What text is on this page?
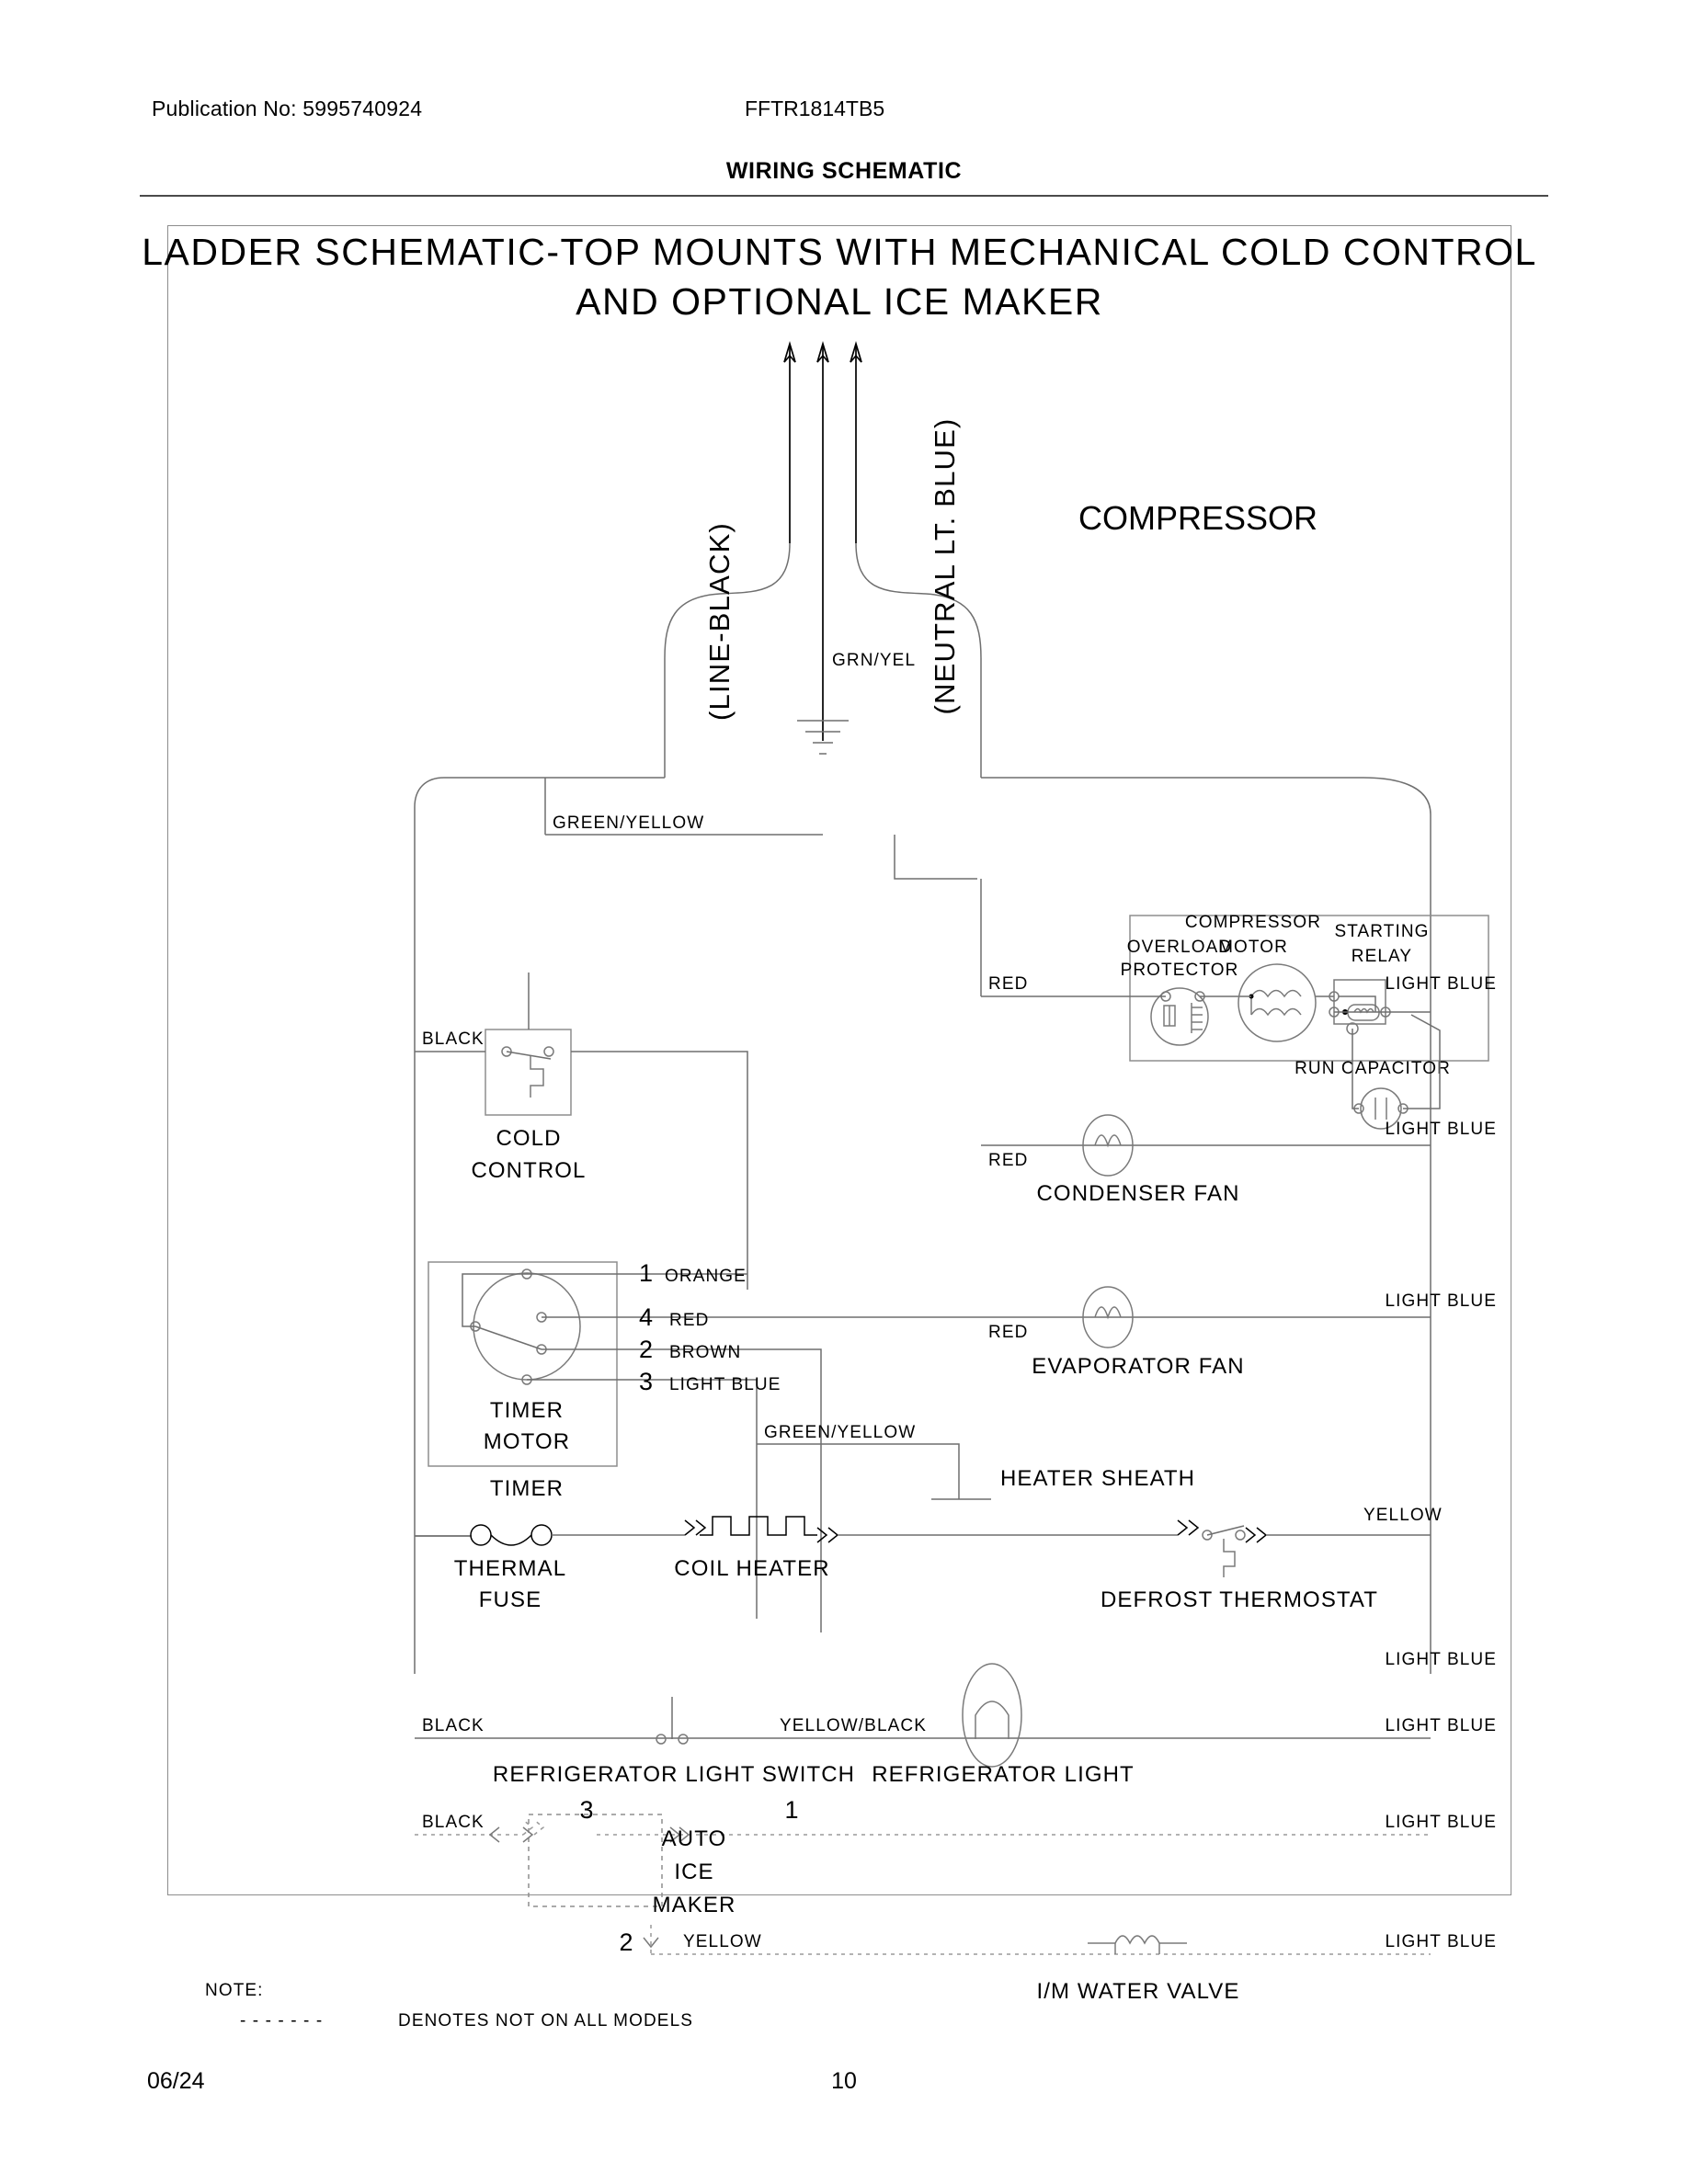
Publication No: 5995740924	FFTR1814TB5
WIRING SCHEMATIC
LADDER SCHEMATIC-TOP MOUNTS WITH MECHANICAL COLD CONTROL
AND OPTIONAL ICE MAKER
(LINE-BLACK)	(NEUTRAL LT. BLUE)
GRN/YEL
GREEN/YELLOW
COMPRESSOR
COMPRESSOR
MOTOR
OVERLOAD
PROTECTOR
STARTING
RELAY
RUN CAPACITOR
RED	LIGHT BLUE
BLACK
COLD
CONTROL
TIMER
MOTOR
TIMER
1 ORANGE
4 RED
2 BROWN
3 LIGHT BLUE
RED
LIGHT BLUE
CONDENSER FAN
RED
LIGHT BLUE
EVAPORATOR FAN
GREEN/YELLOW
HEATER SHEATH
THERMAL
FUSE
COIL HEATER
DEFROST THERMOSTAT
YELLOW
LIGHT BLUE
BLACK	YELLOW/BLACK	LIGHT BLUE
REFRIGERATOR LIGHT SWITCH REFRIGERATOR LIGHT
BLACK	3	1
AUTO
ICE
MAKER
LIGHT BLUE
2	YELLOW
I/M WATER VALVE
LIGHT BLUE
NOTE:
- - - - - - -	DENOTES NOT ON ALL MODELS
06/24	10
